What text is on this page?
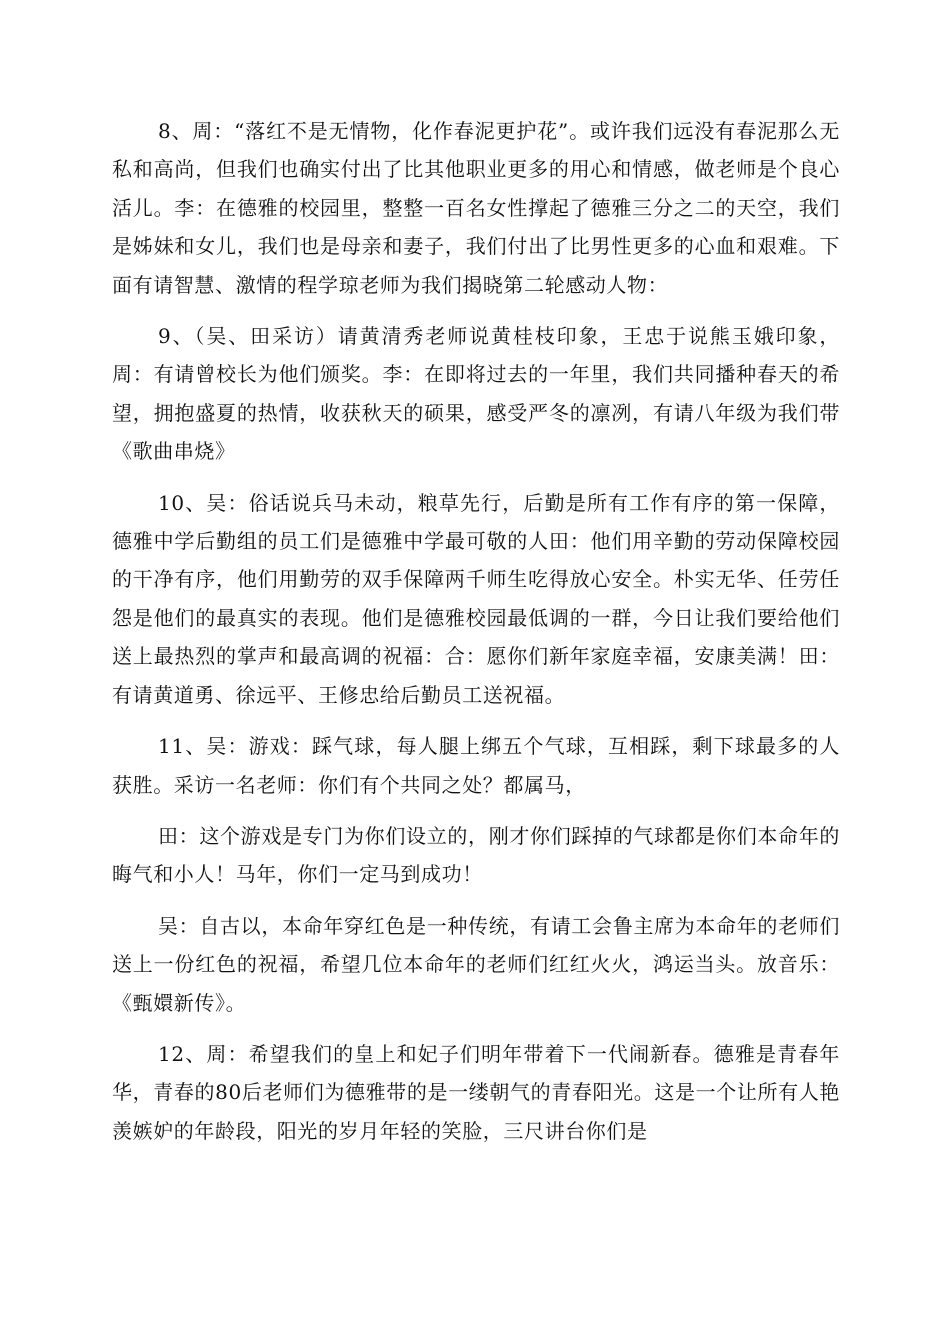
8、周：“落红不是无情物，化作春泥更护花”。或许我们远没有春泥那么无私和高尚，但我们也确实付出了比其他职业更多的用心和情感，做老师是个良心活儿。李：在德雅的校园里，整整一百名女性撑起了德雅三分之二的天空，我们是姊妹和女儿，我们也是母亲和妻子，我们付出了比男性更多的心血和艰难。下面有请智慧、激情的程学琼老师为我们揭晓第二轮感动人物：

9、（吴、田采访）请黄清秀老师说黄桂枝印象，王忠于说熊玉娥印象，周：有请曾校长为他们颁奖。李：在即将过去的一年里，我们共同播种春天的希望，拥抱盛夏的热情，收获秋天的硕果，感受严冬的凛冽，有请八年级为我们带《歌曲串烧》

10、吴：俗话说兵马未动，粮草先行，后勤是所有工作有序的第一保障，德雅中学后勤组的员工们是德雅中学最可敬的人田：他们用辛勤的劳动保障校园的干净有序，他们用勤劳的双手保障两千师生吃得放心安全。朴实无华、任劳任怨是他们的最真实的表现。他们是德雅校园最低调的一群，今日让我们要给他们送上最热烈的掌声和最高调的祝福：合：愿你们新年家庭幸福，安康美满！田：有请黄道勇、徐远平、王修忠给后勤员工送祝福。

11、吴：游戏：踩气球，每人腿上绑五个气球，互相踩，剩下球最多的人获胜。采访一名老师：你们有个共同之处？都属马，

田：这个游戏是专门为你们设立的，刚才你们踩掉的气球都是你们本命年的晦气和小人！马年，你们一定马到成功！

吴：自古以，本命年穿红色是一种传统，有请工会鲁主席为本命年的老师们送上一份红色的祝福，希望几位本命年的老师们红红火火，鸿运当头。放音乐：《甄嬛新传》。

12、周：希望我们的皇上和妃子们明年带着下一代闹新春。德雅是青春年华，青春的80后老师们为德雅带的是一缕朝气的青春阳光。这是一个让所有人艳羡嫉妒的年龄段，阳光的岁月年轻的笑脸，三尺讲台你们是
